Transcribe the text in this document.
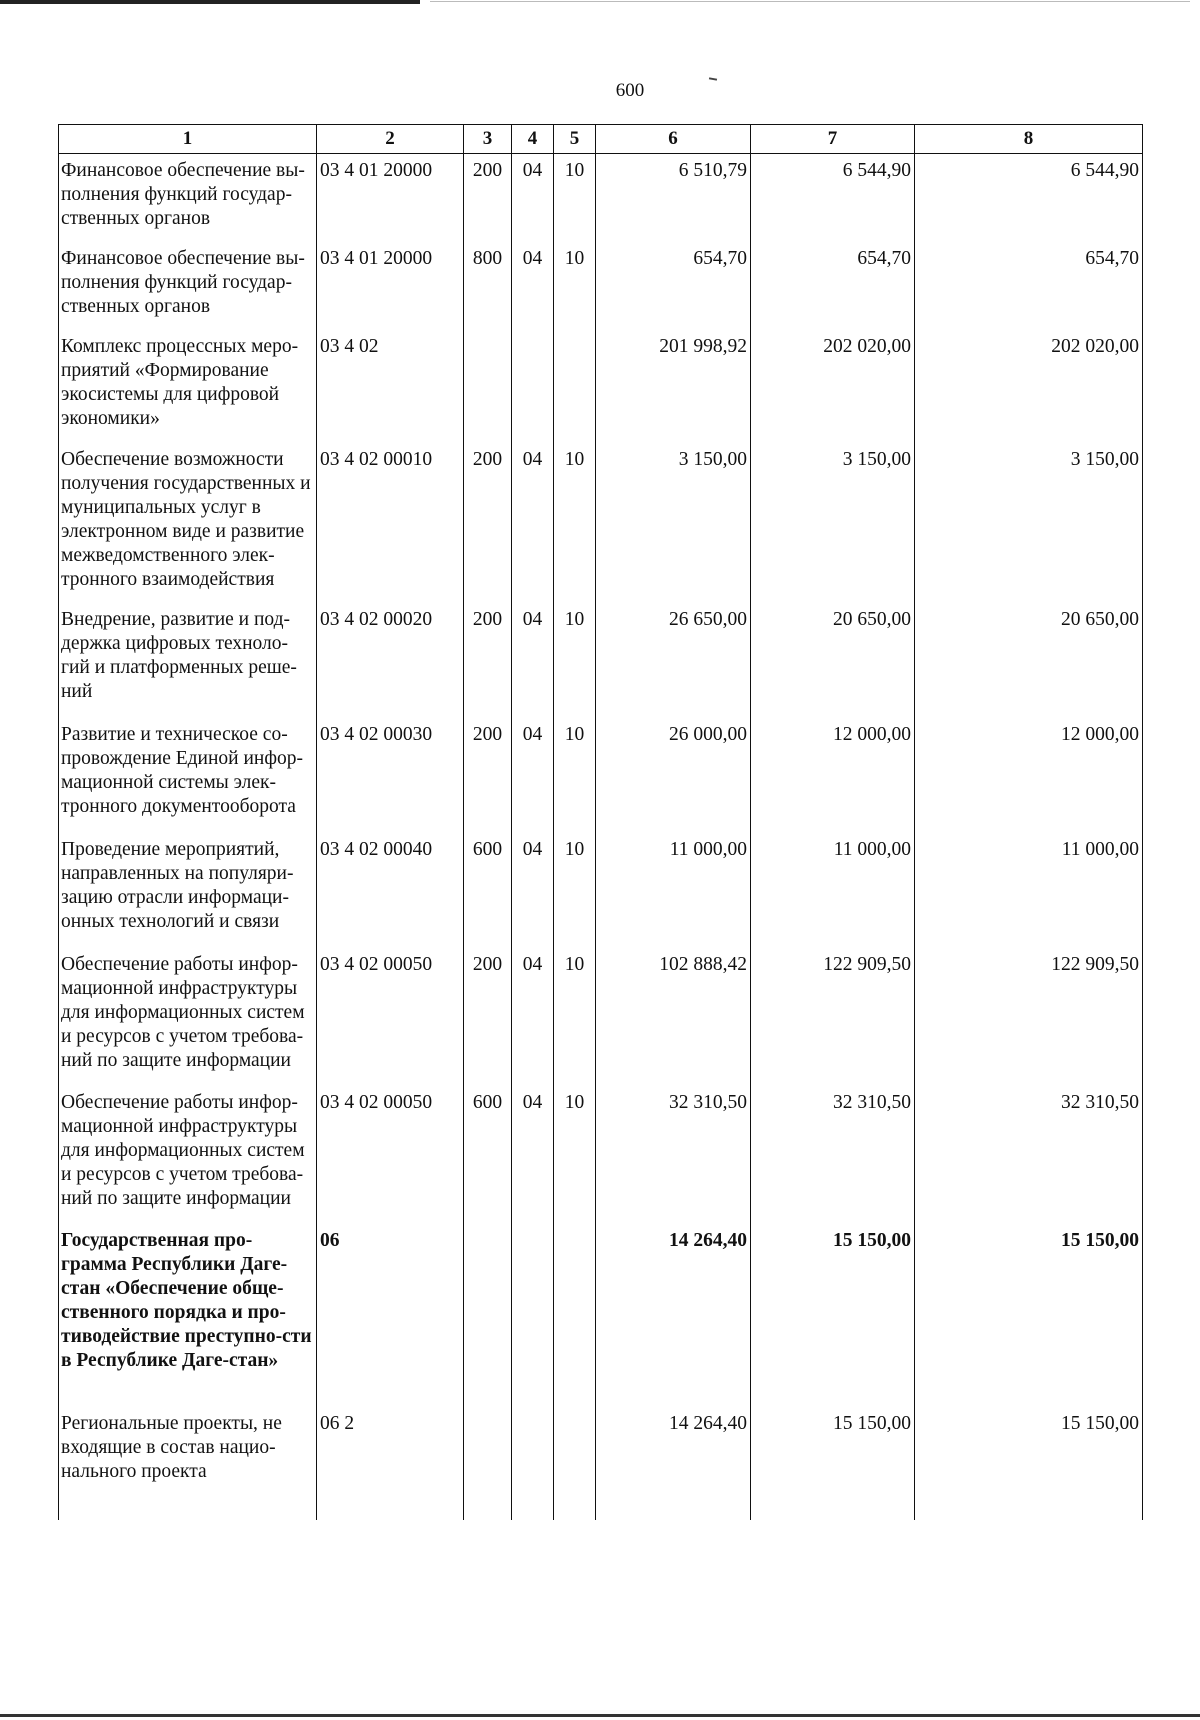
600
1	2	3	4	5	6	7	8
Финансовое обеспечение вы-полнения функций государ-ственных органов	03 4 01 20000	200	04	10	6 510,79	6 544,90	6 544,90
Финансовое обеспечение вы-полнения функций государ-ственных органов	03 4 01 20000	800	04	10	654,70	654,70	654,70
Комплекс процессных меро-приятий «Формирование экосистемы для цифровой экономики»	03 4 02				201 998,92	202 020,00	202 020,00
Обеспечение возможности получения государственных и муниципальных услуг в электронном виде и развитие межведомственного элек-тронного взаимодействия	03 4 02 00010	200	04	10	3 150,00	3 150,00	3 150,00
Внедрение, развитие и под-держка цифровых техноло-гий и платформенных реше-ний	03 4 02 00020	200	04	10	26 650,00	20 650,00	20 650,00
Развитие и техническое со-провождение Единой инфор-мационной системы элек-тронного документооборота	03 4 02 00030	200	04	10	26 000,00	12 000,00	12 000,00
Проведение мероприятий, направленных на популяри-зацию отрасли информаци-онных технологий и связи	03 4 02 00040	600	04	10	11 000,00	11 000,00	11 000,00
Обеспечение работы инфор-мационной инфраструктуры для информационных систем и ресурсов с учетом требова-ний по защите информации	03 4 02 00050	200	04	10	102 888,42	122 909,50	122 909,50
Обеспечение работы инфор-мационной инфраструктуры для информационных систем и ресурсов с учетом требова-ний по защите информации	03 4 02 00050	600	04	10	32 310,50	32 310,50	32 310,50
Государственная про-грамма Республики Даге-стан «Обеспечение обще-ственного порядка и про-тиводействие преступно-сти в Республике Даге-стан»	06				14 264,40	15 150,00	15 150,00
Региональные проекты, не входящие в состав нацио-нального проекта	06 2				14 264,40	15 150,00	15 150,00
